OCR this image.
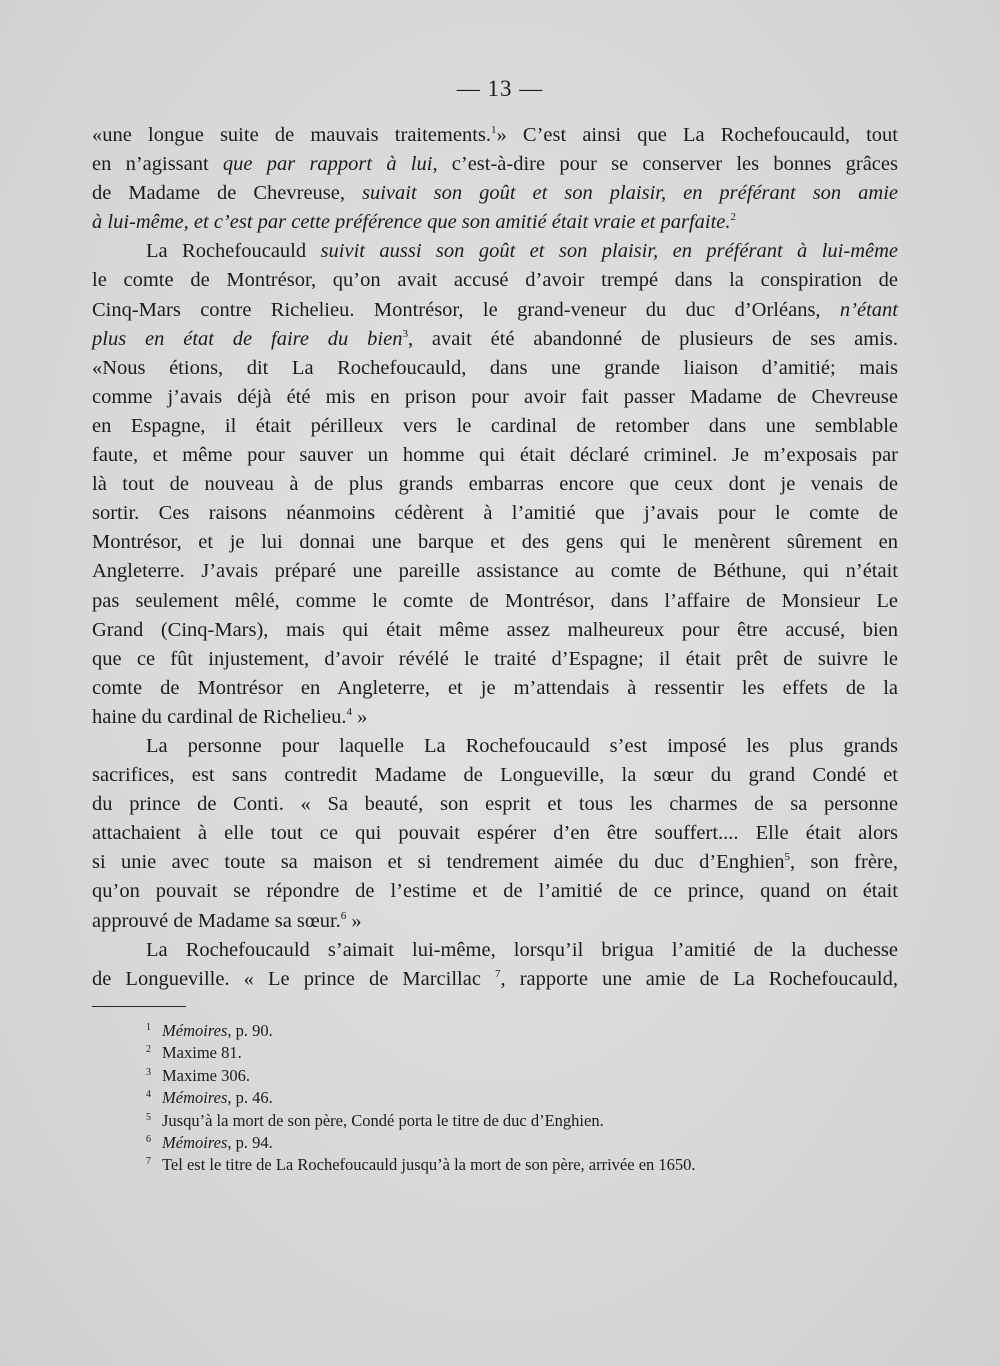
— 13 —
«une longue suite de mauvais traitements.$^1$» C’est ainsi que La Rochefoucauld, tout
en n’agissant que par rapport à lui, c’est-à-dire pour se conserver les bonnes grâces
de Madame de Chevreuse, suivait son goût et son plaisir, en préférant son amie
à lui-même, et c’est par cette préférence que son amitié était vraie et parfaite.$^2$
La Rochefoucauld suivit aussi son goût et son plaisir, en préférant à lui-même
le comte de Montrésor, qu’on avait accusé d’avoir trempé dans la conspiration de
Cinq-Mars contre Richelieu. Montrésor, le grand-veneur du duc d’Orléans, n’étant
plus en état de faire du bien$^3$, avait été abandonné de plusieurs de ses amis.
«Nous étions, dit La Rochefoucauld, dans une grande liaison d’amitié; mais
comme j’avais déjà été mis en prison pour avoir fait passer Madame de Chevreuse
en Espagne, il était périlleux vers le cardinal de retomber dans une semblable
faute, et même pour sauver un homme qui était déclaré criminel. Je m’exposais par
là tout de nouveau à de plus grands embarras encore que ceux dont je venais de
sortir. Ces raisons néanmoins cédèrent à l’amitié que j’avais pour le comte de
Montrésor, et je lui donnai une barque et des gens qui le menèrent sûrement en
Angleterre. J’avais préparé une pareille assistance au comte de Béthune, qui n’était
pas seulement mêlé, comme le comte de Montrésor, dans l’affaire de Monsieur Le
Grand (Cinq-Mars), mais qui était même assez malheureux pour être accusé, bien
que ce fût injustement, d’avoir révélé le traité d’Espagne; il était prêt de suivre le
comte de Montrésor en Angleterre, et je m’attendais à ressentir les effets de la
haine du cardinal de Richelieu.$^4$ »
La personne pour laquelle La Rochefoucauld s’est imposé les plus grands
sacrifices, est sans contredit Madame de Longueville, la sœur du grand Condé et
du prince de Conti. « Sa beauté, son esprit et tous les charmes de sa personne
attachaient à elle tout ce qui pouvait espérer d’en être souffert.... Elle était alors
si unie avec toute sa maison et si tendrement aimée du duc d’Enghien$^5$, son frère,
qu’on pouvait se répondre de l’estime et de l’amitié de ce prince, quand on était
approuvé de Madame sa sœur.$^6$ »
La Rochefoucauld s’aimait lui-même, lorsqu’il brigua l’amitié de la duchesse
de Longueville. « Le prince de Marcillac $^7$, rapporte une amie de La Rochefoucauld,
1 Mémoires, p. 90.
2 Maxime 81.
3 Maxime 306.
4 Mémoires, p. 46.
5 Jusqu’à la mort de son père, Condé porta le titre de duc d’Enghien.
6 Mémoires, p. 94.
7 Tel est le titre de La Rochefoucauld jusqu’à la mort de son père, arrivée en 1650.
